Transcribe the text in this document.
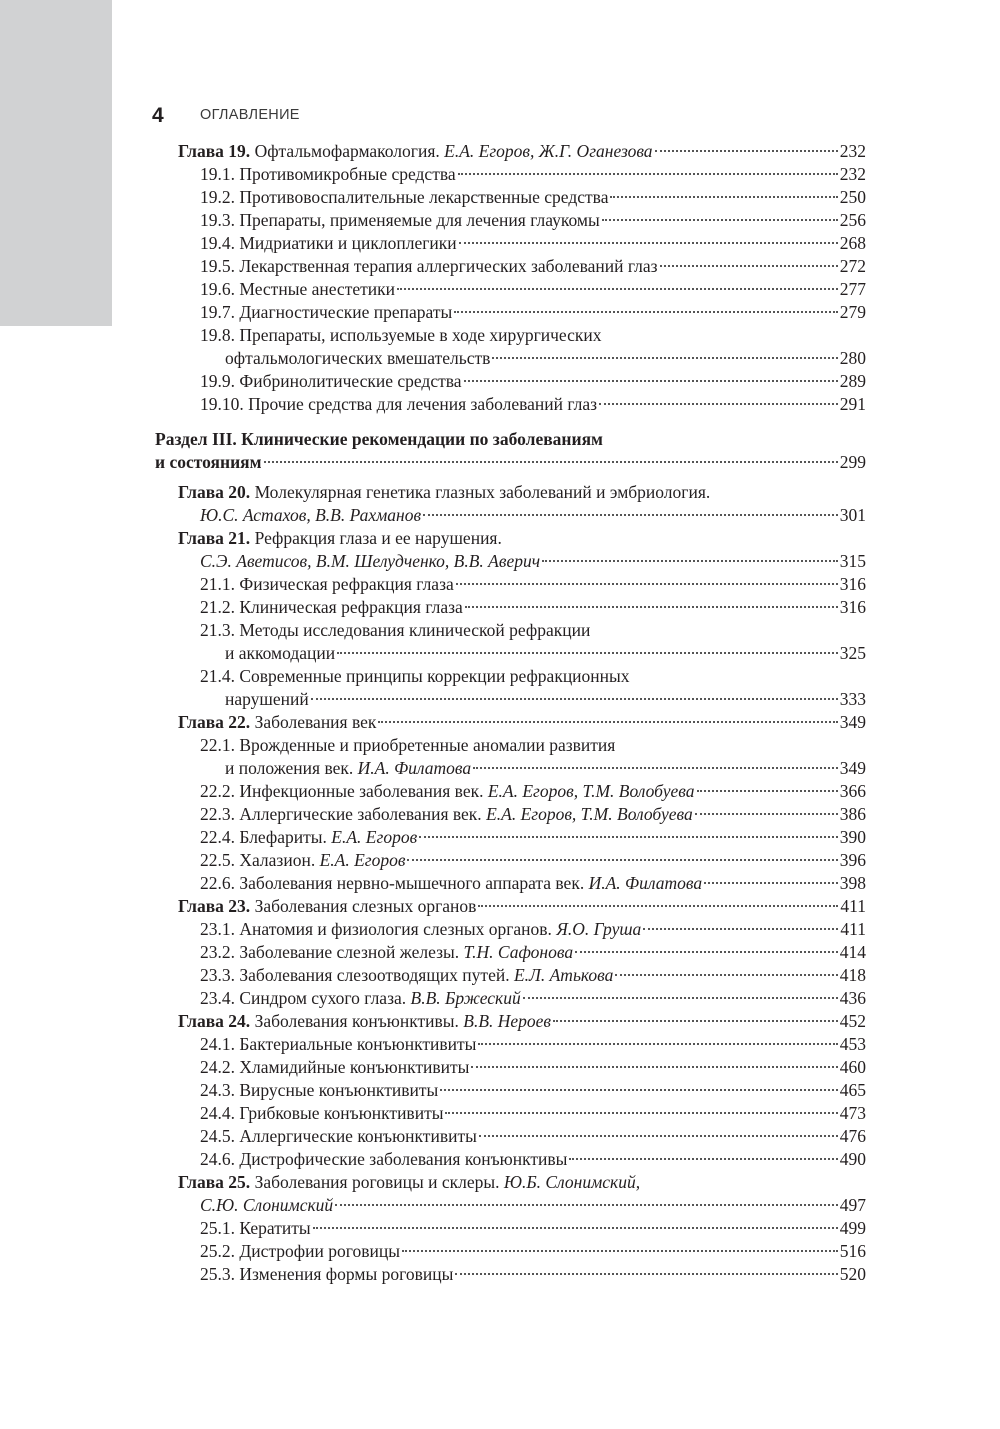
4	ОГЛАВЛЕНИЕ
Глава 19. Офтальмофармакология. Е.А. Егоров, Ж.Г. Оганезова	232
19.1. Противомикробные средства	232
19.2. Противовоспалительные лекарственные средства	250
19.3. Препараты, применяемые для лечения глаукомы	256
19.4. Мидриатики и циклоплегики	268
19.5. Лекарственная терапия аллергических заболеваний глаз	272
19.6. Местные анестетики	277
19.7. Диагностические препараты	279
19.8. Препараты, используемые в ходе хирургических
офтальмологических вмешательств	280
19.9. Фибринолитические средства	289
19.10. Прочие средства для лечения заболеваний глаз	291
Раздел III. Клинические рекомендации по заболеваниям
и состояниям	299
Глава 20. Молекулярная генетика глазных заболеваний и эмбриология.
Ю.С. Астахов, В.В. Рахманов	301
Глава 21. Рефракция глаза и ее нарушения.
С.Э. Аветисов, В.М. Шелудченко, В.В. Аверич	315
21.1. Физическая рефракция глаза	316
21.2. Клиническая рефракция глаза	316
21.3. Методы исследования клинической рефракции
и аккомодации	325
21.4. Современные принципы коррекции рефракционных
нарушений	333
Глава 22. Заболевания век	349
22.1. Врожденные и приобретенные аномалии развития
и положения век. И.А. Филатова	349
22.2. Инфекционные заболевания век. Е.А. Егоров, Т.М. Волобуева	366
22.3. Аллергические заболевания век. Е.А. Егоров, Т.М. Волобуева	386
22.4. Блефариты. Е.А. Егоров	390
22.5. Халазион. Е.А. Егоров	396
22.6. Заболевания нервно-мышечного аппарата век. И.А. Филатова	398
Глава 23. Заболевания слезных органов	411
23.1. Анатомия и физиология слезных органов. Я.О. Груша	411
23.2. Заболевание слезной железы. Т.Н. Сафонова	414
23.3. Заболевания слезоотводящих путей. Е.Л. Атькова	418
23.4. Синдром сухого глаза. В.В. Бржеский	436
Глава 24. Заболевания конъюнктивы. В.В. Нероев	452
24.1. Бактериальные конъюнктивиты	453
24.2. Хламидийные конъюнктивиты	460
24.3. Вирусные конъюнктивиты	465
24.4. Грибковые конъюнктивиты	473
24.5. Аллергические конъюнктивиты	476
24.6. Дистрофические заболевания конъюнктивы	490
Глава 25. Заболевания роговицы и склеры. Ю.Б. Слонимский,
С.Ю. Слонимский	497
25.1. Кератиты	499
25.2. Дистрофии роговицы	516
25.3. Изменения формы роговицы	520
